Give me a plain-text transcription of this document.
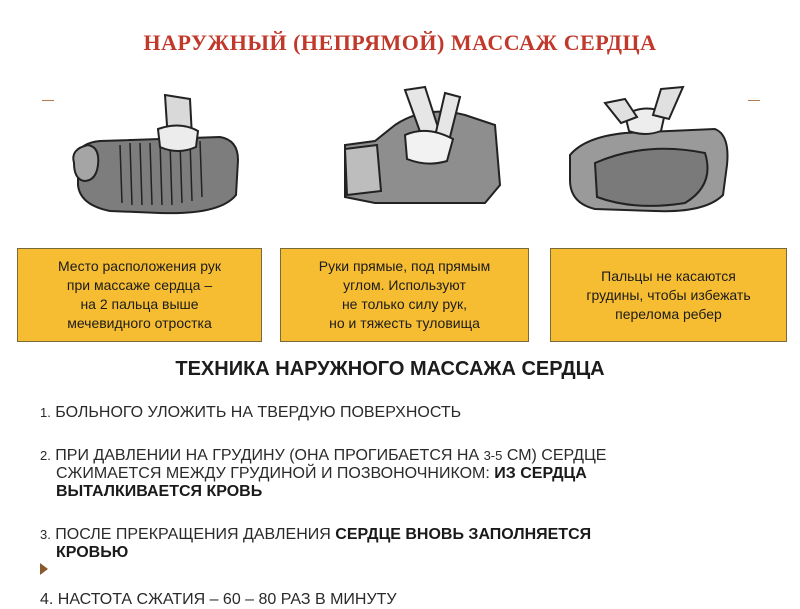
НАРУЖНЫЙ (НЕПРЯМОЙ) МАССАЖ СЕРДЦА
Место расположения рук
при массаже сердца –
на 2 пальца выше
мечевидного отростка
Руки прямые, под прямым
углом. Используют
не только силу рук,
но и тяжесть туловища
Пальцы не касаются
грудины, чтобы избежать
перелома ребер
ТЕХНИКА НАРУЖНОГО МАССАЖА СЕРДЦА
1. БОЛЬНОГО УЛОЖИТЬ НА ТВЕРДУЮ ПОВЕРХНОСТЬ
2. ПРИ ДАВЛЕНИИ НА ГРУДИНУ (ОНА ПРОГИБАЕТСЯ НА 3-5 СМ) СЕРДЦЕ
СЖИМАЕТСЯ МЕЖДУ ГРУДИНОЙ И ПОЗВОНОЧНИКОМ: ИЗ СЕРДЦА
ВЫТАЛКИВАЕТСЯ КРОВЬ
3. ПОСЛЕ ПРЕКРАЩЕНИЯ ДАВЛЕНИЯ СЕРДЦЕ ВНОВЬ ЗАПОЛНЯЕТСЯ
КРОВЬЮ
4. НАСТОТА СЖАТИЯ – 60 – 80 РАЗ В МИНУТУ
